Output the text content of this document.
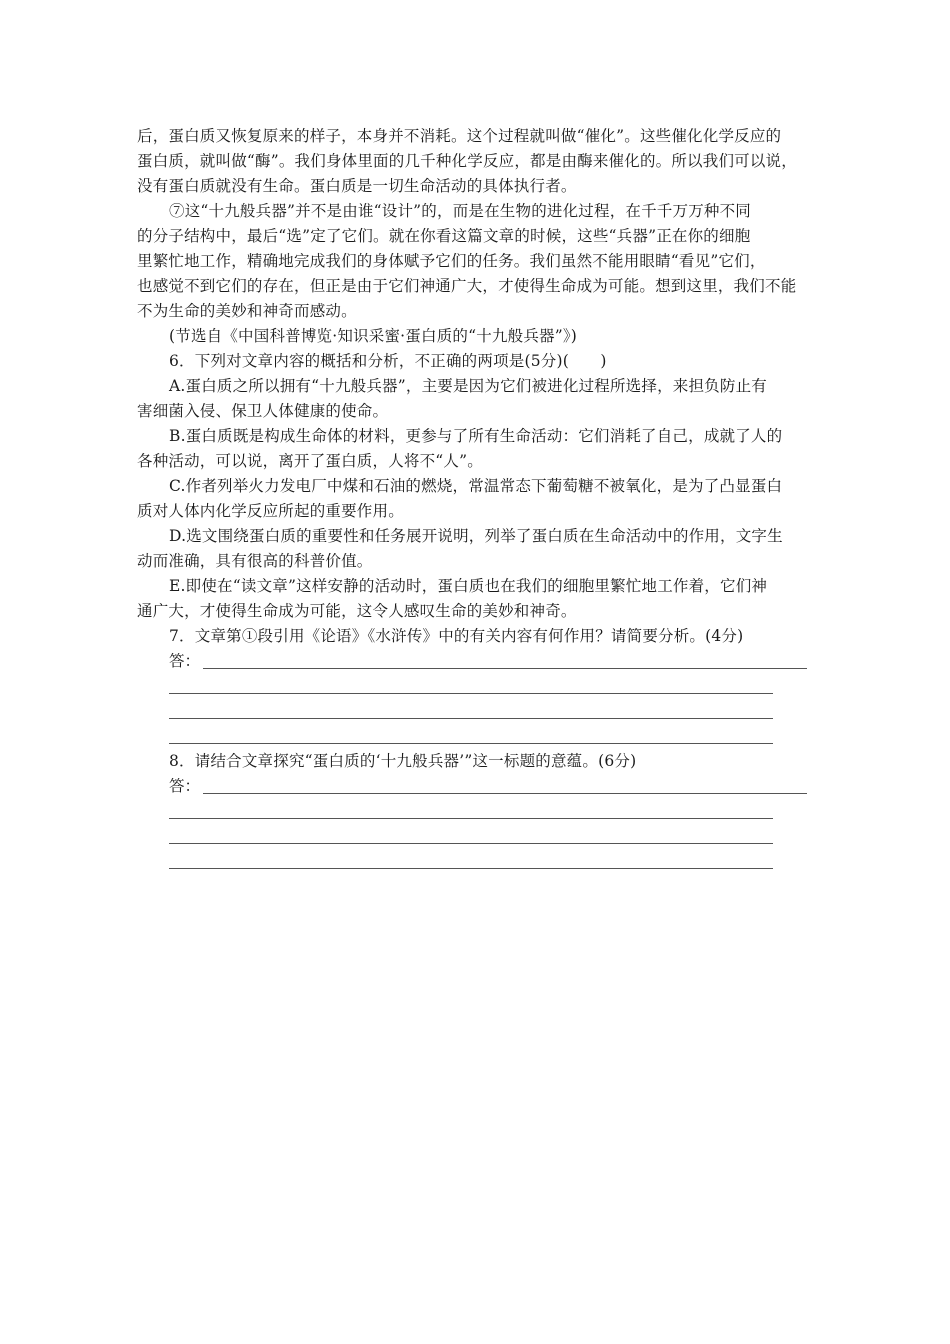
后，蛋白质又恢复原来的样子，本身并不消耗。这个过程就叫做“催化”。这些催化化学反应的
蛋白质，就叫做“酶”。我们身体里面的几千种化学反应，都是由酶来催化的。所以我们可以说，
没有蛋白质就没有生命。蛋白质是一切生命活动的具体执行者。
⑦这“十九般兵器”并不是由谁“设计”的，而是在生物的进化过程，在千千万万种不同
的分子结构中，最后“选”定了它们。就在你看这篇文章的时候，这些“兵器”正在你的细胞
里繁忙地工作，精确地完成我们的身体赋予它们的任务。我们虽然不能用眼睛“看见”它们，
也感觉不到它们的存在，但正是由于它们神通广大，才使得生命成为可能。想到这里，我们不能
不为生命的美妙和神奇而感动。
(节选自《中国科普博览·知识采蜜·蛋白质的“十九般兵器”》)
6．下列对文章内容的概括和分析，不正确的两项是(5分)(　　)
A.蛋白质之所以拥有“十九般兵器”，主要是因为它们被进化过程所选择，来担负防止有
害细菌入侵、保卫人体健康的使命。
B.蛋白质既是构成生命体的材料，更参与了所有生命活动：它们消耗了自己，成就了人的
各种活动，可以说，离开了蛋白质，人将不“人”。
C.作者列举火力发电厂中煤和石油的燃烧，常温常态下葡萄糖不被氧化，是为了凸显蛋白
质对人体内化学反应所起的重要作用。
D.选文围绕蛋白质的重要性和任务展开说明，列举了蛋白质在生命活动中的作用，文字生
动而准确，具有很高的科普价值。
E.即使在“读文章”这样安静的活动时，蛋白质也在我们的细胞里繁忙地工作着，它们神
通广大，才使得生命成为可能，这令人感叹生命的美妙和神奇。
7．文章第①段引用《论语》《水浒传》中的有关内容有何作用？请简要分析。(4分)
答：
8．请结合文章探究“蛋白质的‘十九般兵器’”这一标题的意蕴。(6分)
答：
